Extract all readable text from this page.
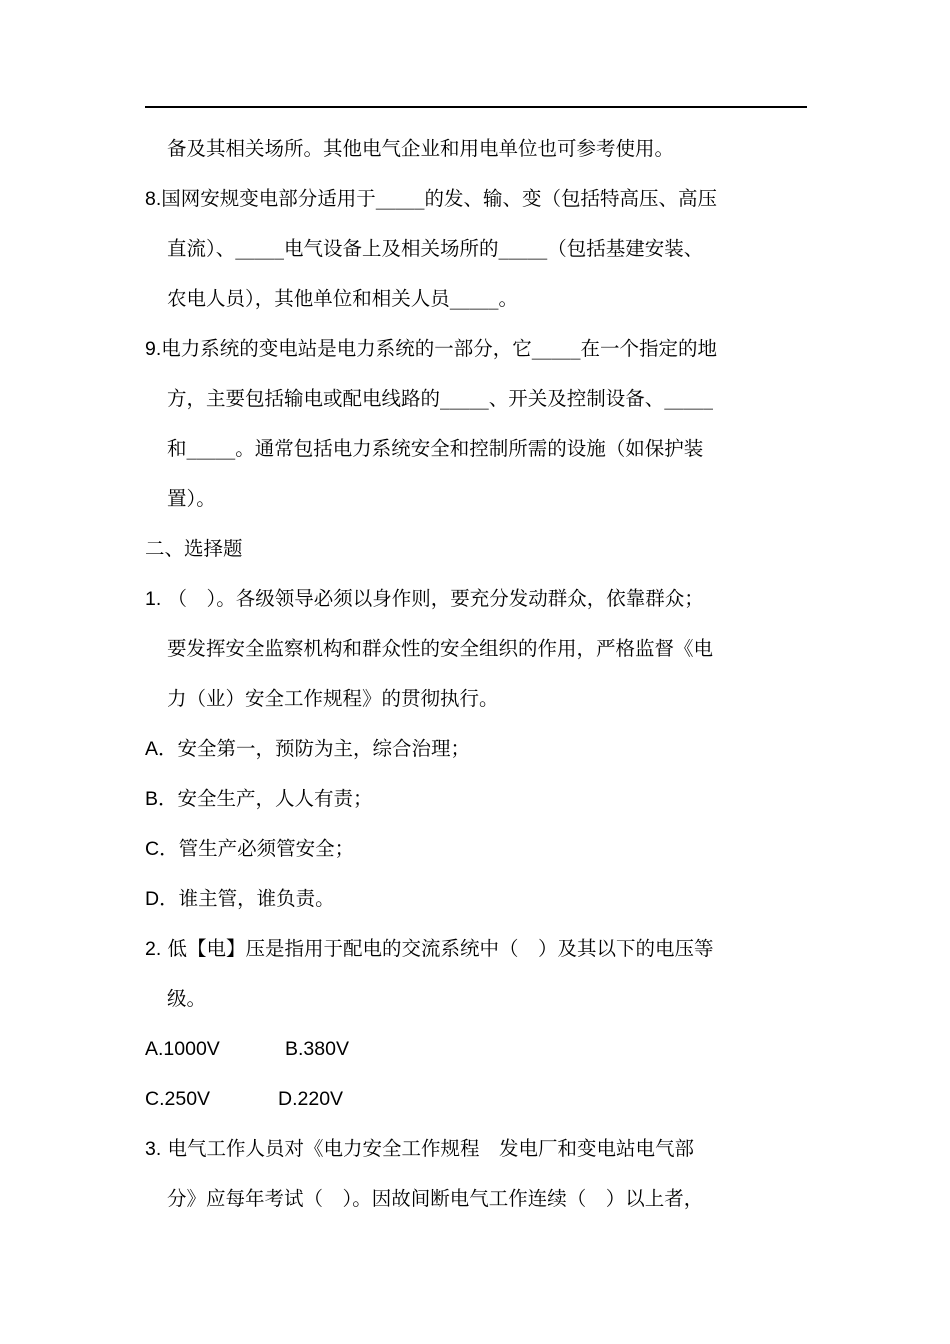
备及其相关场所。其他电气企业和用电单位也可参考使用。
8.国网安规变电部分适用于_____的发、输、变（包括特高压、高压
直流）、_____电气设备上及相关场所的_____（包括基建安装、
农电人员），其他单位和相关人员_____。
9.电力系统的变电站是电力系统的一部分，它_____在一个指定的地
方，主要包括输电或配电线路的_____、开关及控制设备、_____
和_____。通常包括电力系统安全和控制所需的设施（如保护装
置）。
二、选择题
1. （　）。各级领导必须以身作则，要充分发动群众，依靠群众；
要发挥安全监察机构和群众性的安全组织的作用，严格监督《电
力（业）安全工作规程》的贯彻执行。
A．安全第一，预防为主，综合治理；
B．安全生产，人人有责；
C．管生产必须管安全；
D．谁主管，谁负责。
2. 低【电】压是指用于配电的交流系统中（　）及其以下的电压等
级。
A.1000V	B.380V
C.250V	D.220V
3. 电气工作人员对《电力安全工作规程　发电厂和变电站电气部
分》应每年考试（　）。因故间断电气工作连续（　）以上者，
